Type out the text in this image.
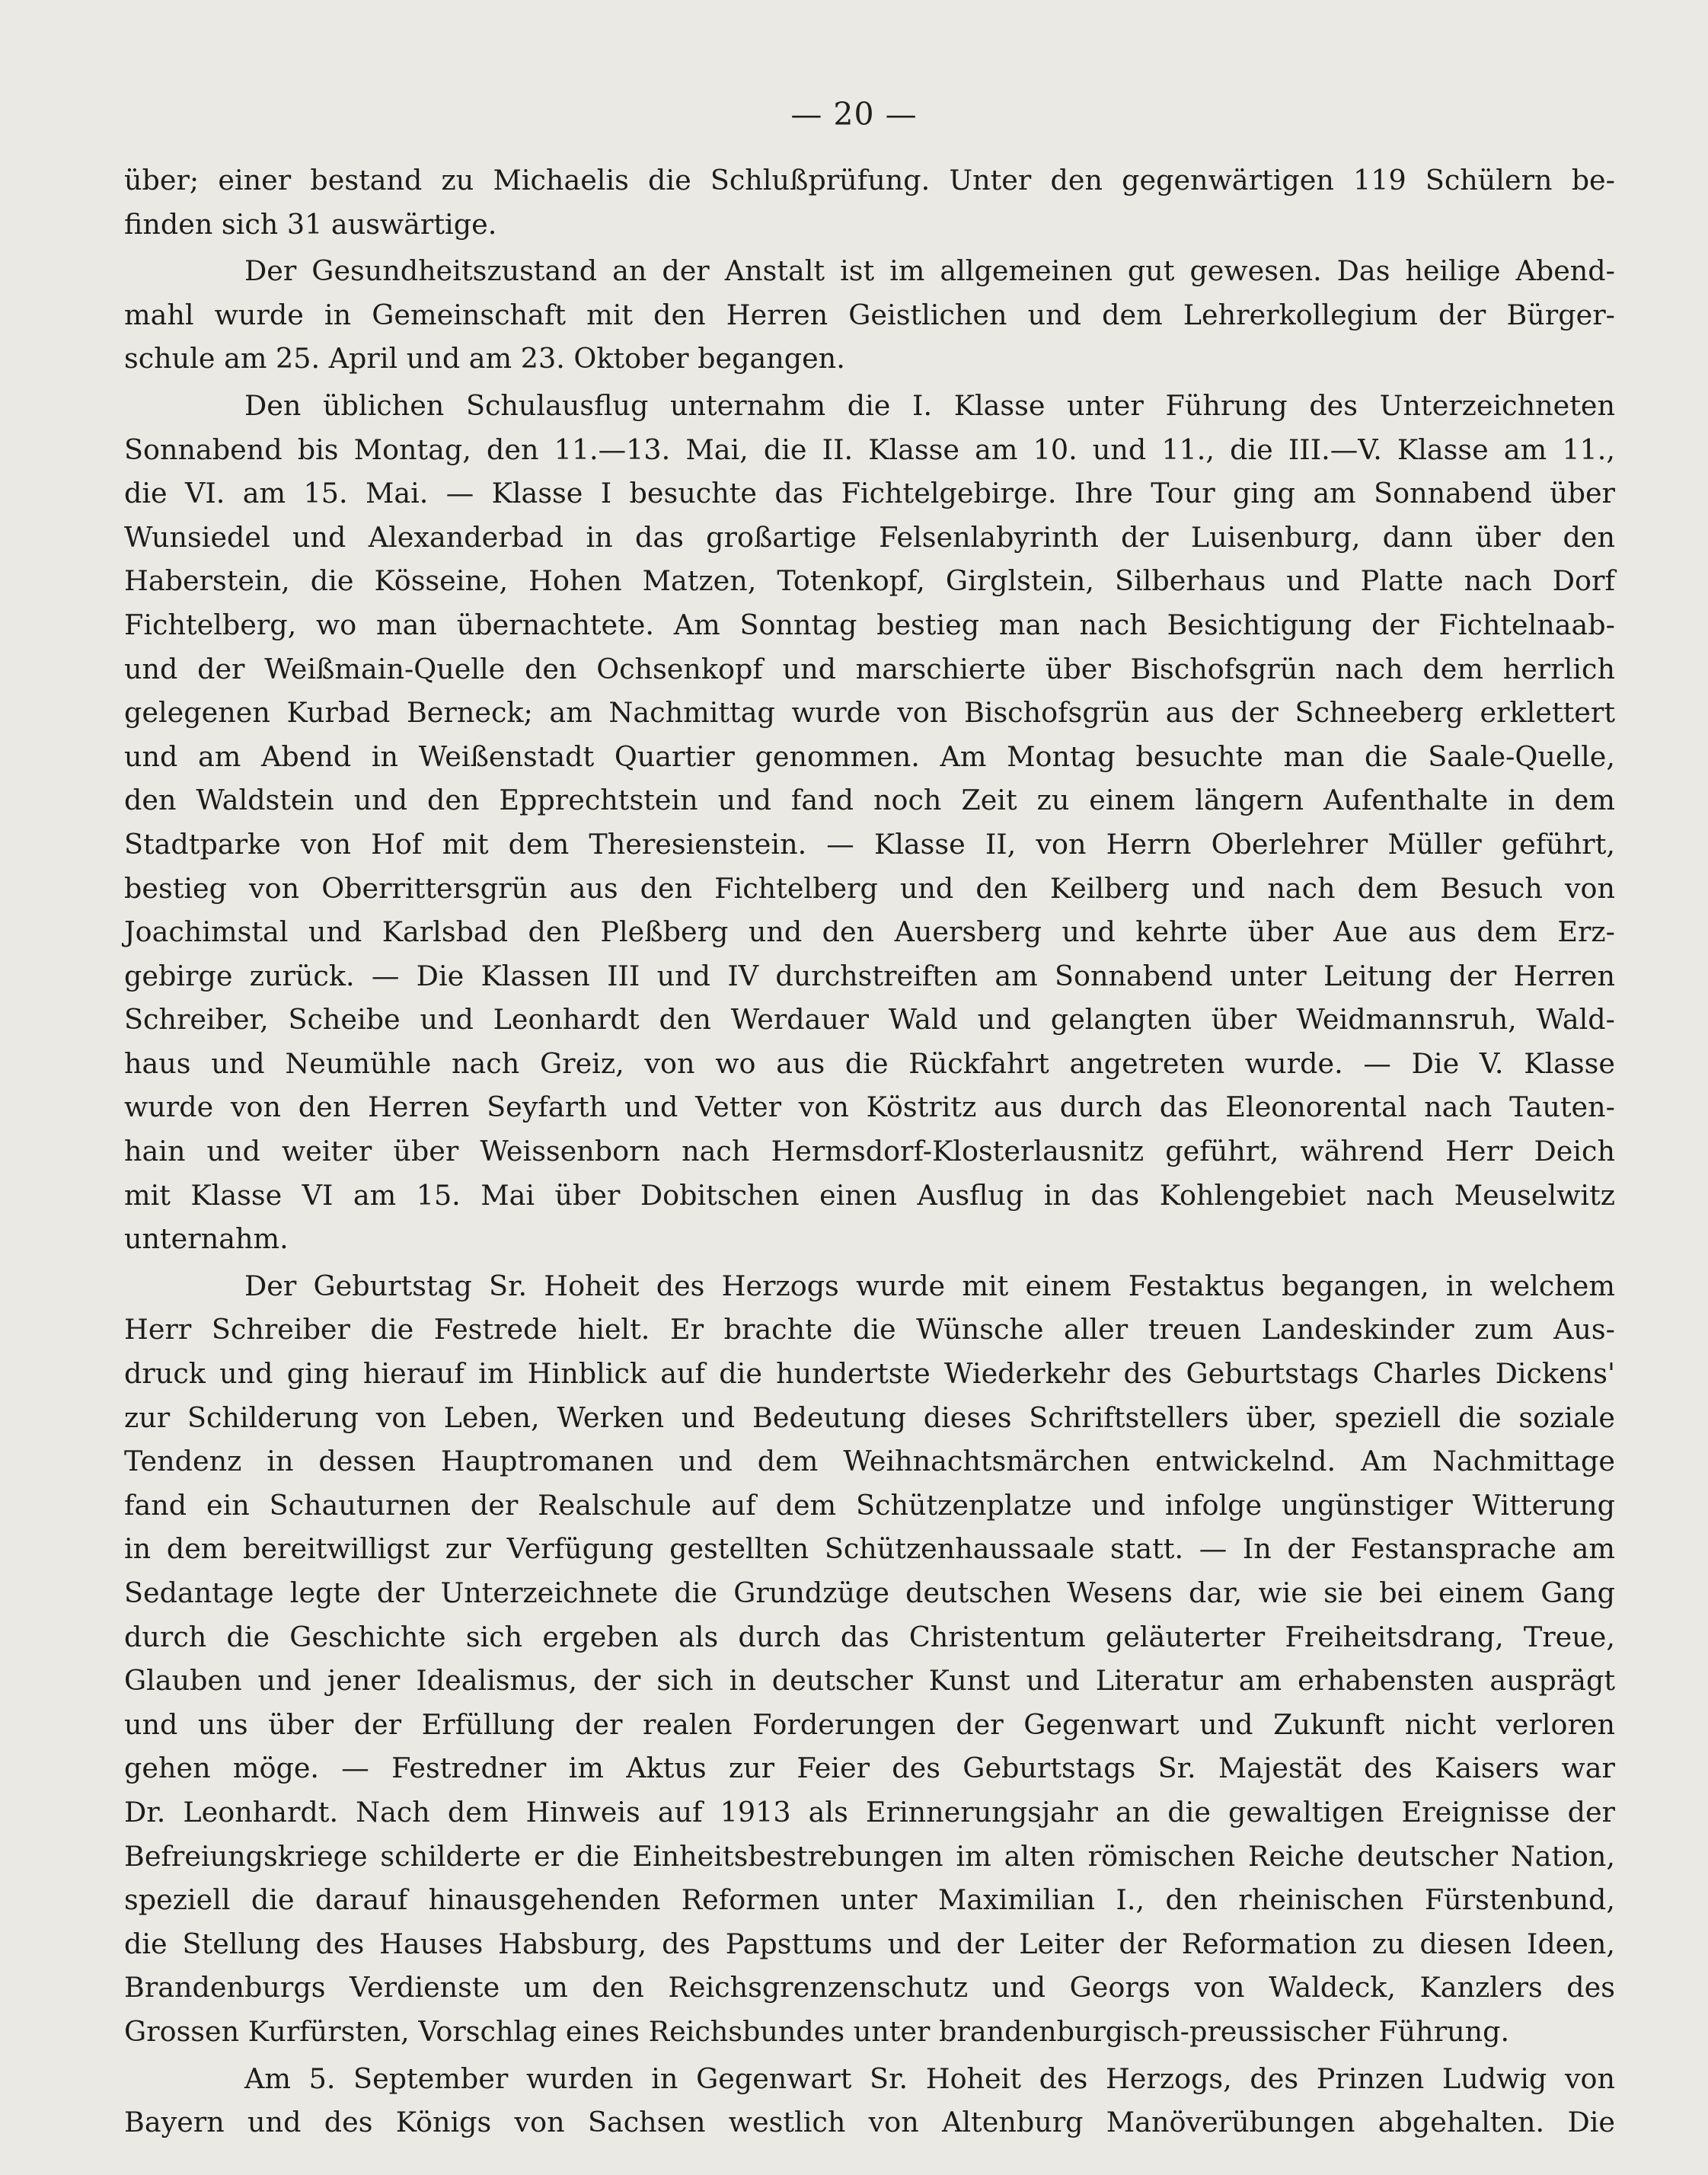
— 20 —
über; einer bestand zu Michaelis die Schlußprüfung. Unter den gegenwärtigen 119 Schülern be-
finden sich 31 auswärtige.
Der Gesundheitszustand an der Anstalt ist im allgemeinen gut gewesen. Das heilige Abend-
mahl wurde in Gemeinschaft mit den Herren Geistlichen und dem Lehrerkollegium der Bürger-
schule am 25. April und am 23. Oktober begangen.
Den üblichen Schulausflug unternahm die I. Klasse unter Führung des Unterzeichneten
Sonnabend bis Montag, den 11.—13. Mai, die II. Klasse am 10. und 11., die III.—V. Klasse am 11.,
die VI. am 15. Mai. — Klasse I besuchte das Fichtelgebirge. Ihre Tour ging am Sonnabend über
Wunsiedel und Alexanderbad in das großartige Felsenlabyrinth der Luisenburg, dann über den
Haberstein, die Kösseine, Hohen Matzen, Totenkopf, Girglstein, Silberhaus und Platte nach Dorf
Fichtelberg, wo man übernachtete. Am Sonntag bestieg man nach Besichtigung der Fichtelnaab-
und der Weißmain-Quelle den Ochsenkopf und marschierte über Bischofsgrün nach dem herrlich
gelegenen Kurbad Berneck; am Nachmittag wurde von Bischofsgrün aus der Schneeberg erklettert
und am Abend in Weißenstadt Quartier genommen. Am Montag besuchte man die Saale-Quelle,
den Waldstein und den Epprechtstein und fand noch Zeit zu einem längern Aufenthalte in dem
Stadtparke von Hof mit dem Theresienstein. — Klasse II, von Herrn Oberlehrer Müller geführt,
bestieg von Oberrittersgrün aus den Fichtelberg und den Keilberg und nach dem Besuch von
Joachimstal und Karlsbad den Pleßberg und den Auersberg und kehrte über Aue aus dem Erz-
gebirge zurück. — Die Klassen III und IV durchstreiften am Sonnabend unter Leitung der Herren
Schreiber, Scheibe und Leonhardt den Werdauer Wald und gelangten über Weidmannsruh, Wald-
haus und Neumühle nach Greiz, von wo aus die Rückfahrt angetreten wurde. — Die V. Klasse
wurde von den Herren Seyfarth und Vetter von Köstritz aus durch das Eleonorental nach Tauten-
hain und weiter über Weissenborn nach Hermsdorf-Klosterlausnitz geführt, während Herr Deich
mit Klasse VI am 15. Mai über Dobitschen einen Ausflug in das Kohlengebiet nach Meuselwitz
unternahm.
Der Geburtstag Sr. Hoheit des Herzogs wurde mit einem Festaktus begangen, in welchem
Herr Schreiber die Festrede hielt. Er brachte die Wünsche aller treuen Landeskinder zum Aus-
druck und ging hierauf im Hinblick auf die hundertste Wiederkehr des Geburtstags Charles Dickens'
zur Schilderung von Leben, Werken und Bedeutung dieses Schriftstellers über, speziell die soziale
Tendenz in dessen Hauptromanen und dem Weihnachtsmärchen entwickelnd. Am Nachmittage
fand ein Schauturnen der Realschule auf dem Schützenplatze und infolge ungünstiger Witterung
in dem bereitwilligst zur Verfügung gestellten Schützenhaussaale statt. — In der Festansprache am
Sedantage legte der Unterzeichnete die Grundzüge deutschen Wesens dar, wie sie bei einem Gang
durch die Geschichte sich ergeben als durch das Christentum geläuterter Freiheitsdrang, Treue,
Glauben und jener Idealismus, der sich in deutscher Kunst und Literatur am erhabensten ausprägt
und uns über der Erfüllung der realen Forderungen der Gegenwart und Zukunft nicht verloren
gehen möge. — Festredner im Aktus zur Feier des Geburtstags Sr. Majestät des Kaisers war
Dr. Leonhardt. Nach dem Hinweis auf 1913 als Erinnerungsjahr an die gewaltigen Ereignisse der
Befreiungskriege schilderte er die Einheitsbestrebungen im alten römischen Reiche deutscher Nation,
speziell die darauf hinausgehenden Reformen unter Maximilian I., den rheinischen Fürstenbund,
die Stellung des Hauses Habsburg, des Papsttums und der Leiter der Reformation zu diesen Ideen,
Brandenburgs Verdienste um den Reichsgrenzenschutz und Georgs von Waldeck, Kanzlers des
Grossen Kurfürsten, Vorschlag eines Reichsbundes unter brandenburgisch-preussischer Führung.
Am 5. September wurden in Gegenwart Sr. Hoheit des Herzogs, des Prinzen Ludwig von
Bayern und des Königs von Sachsen westlich von Altenburg Manöverübungen abgehalten. Die
